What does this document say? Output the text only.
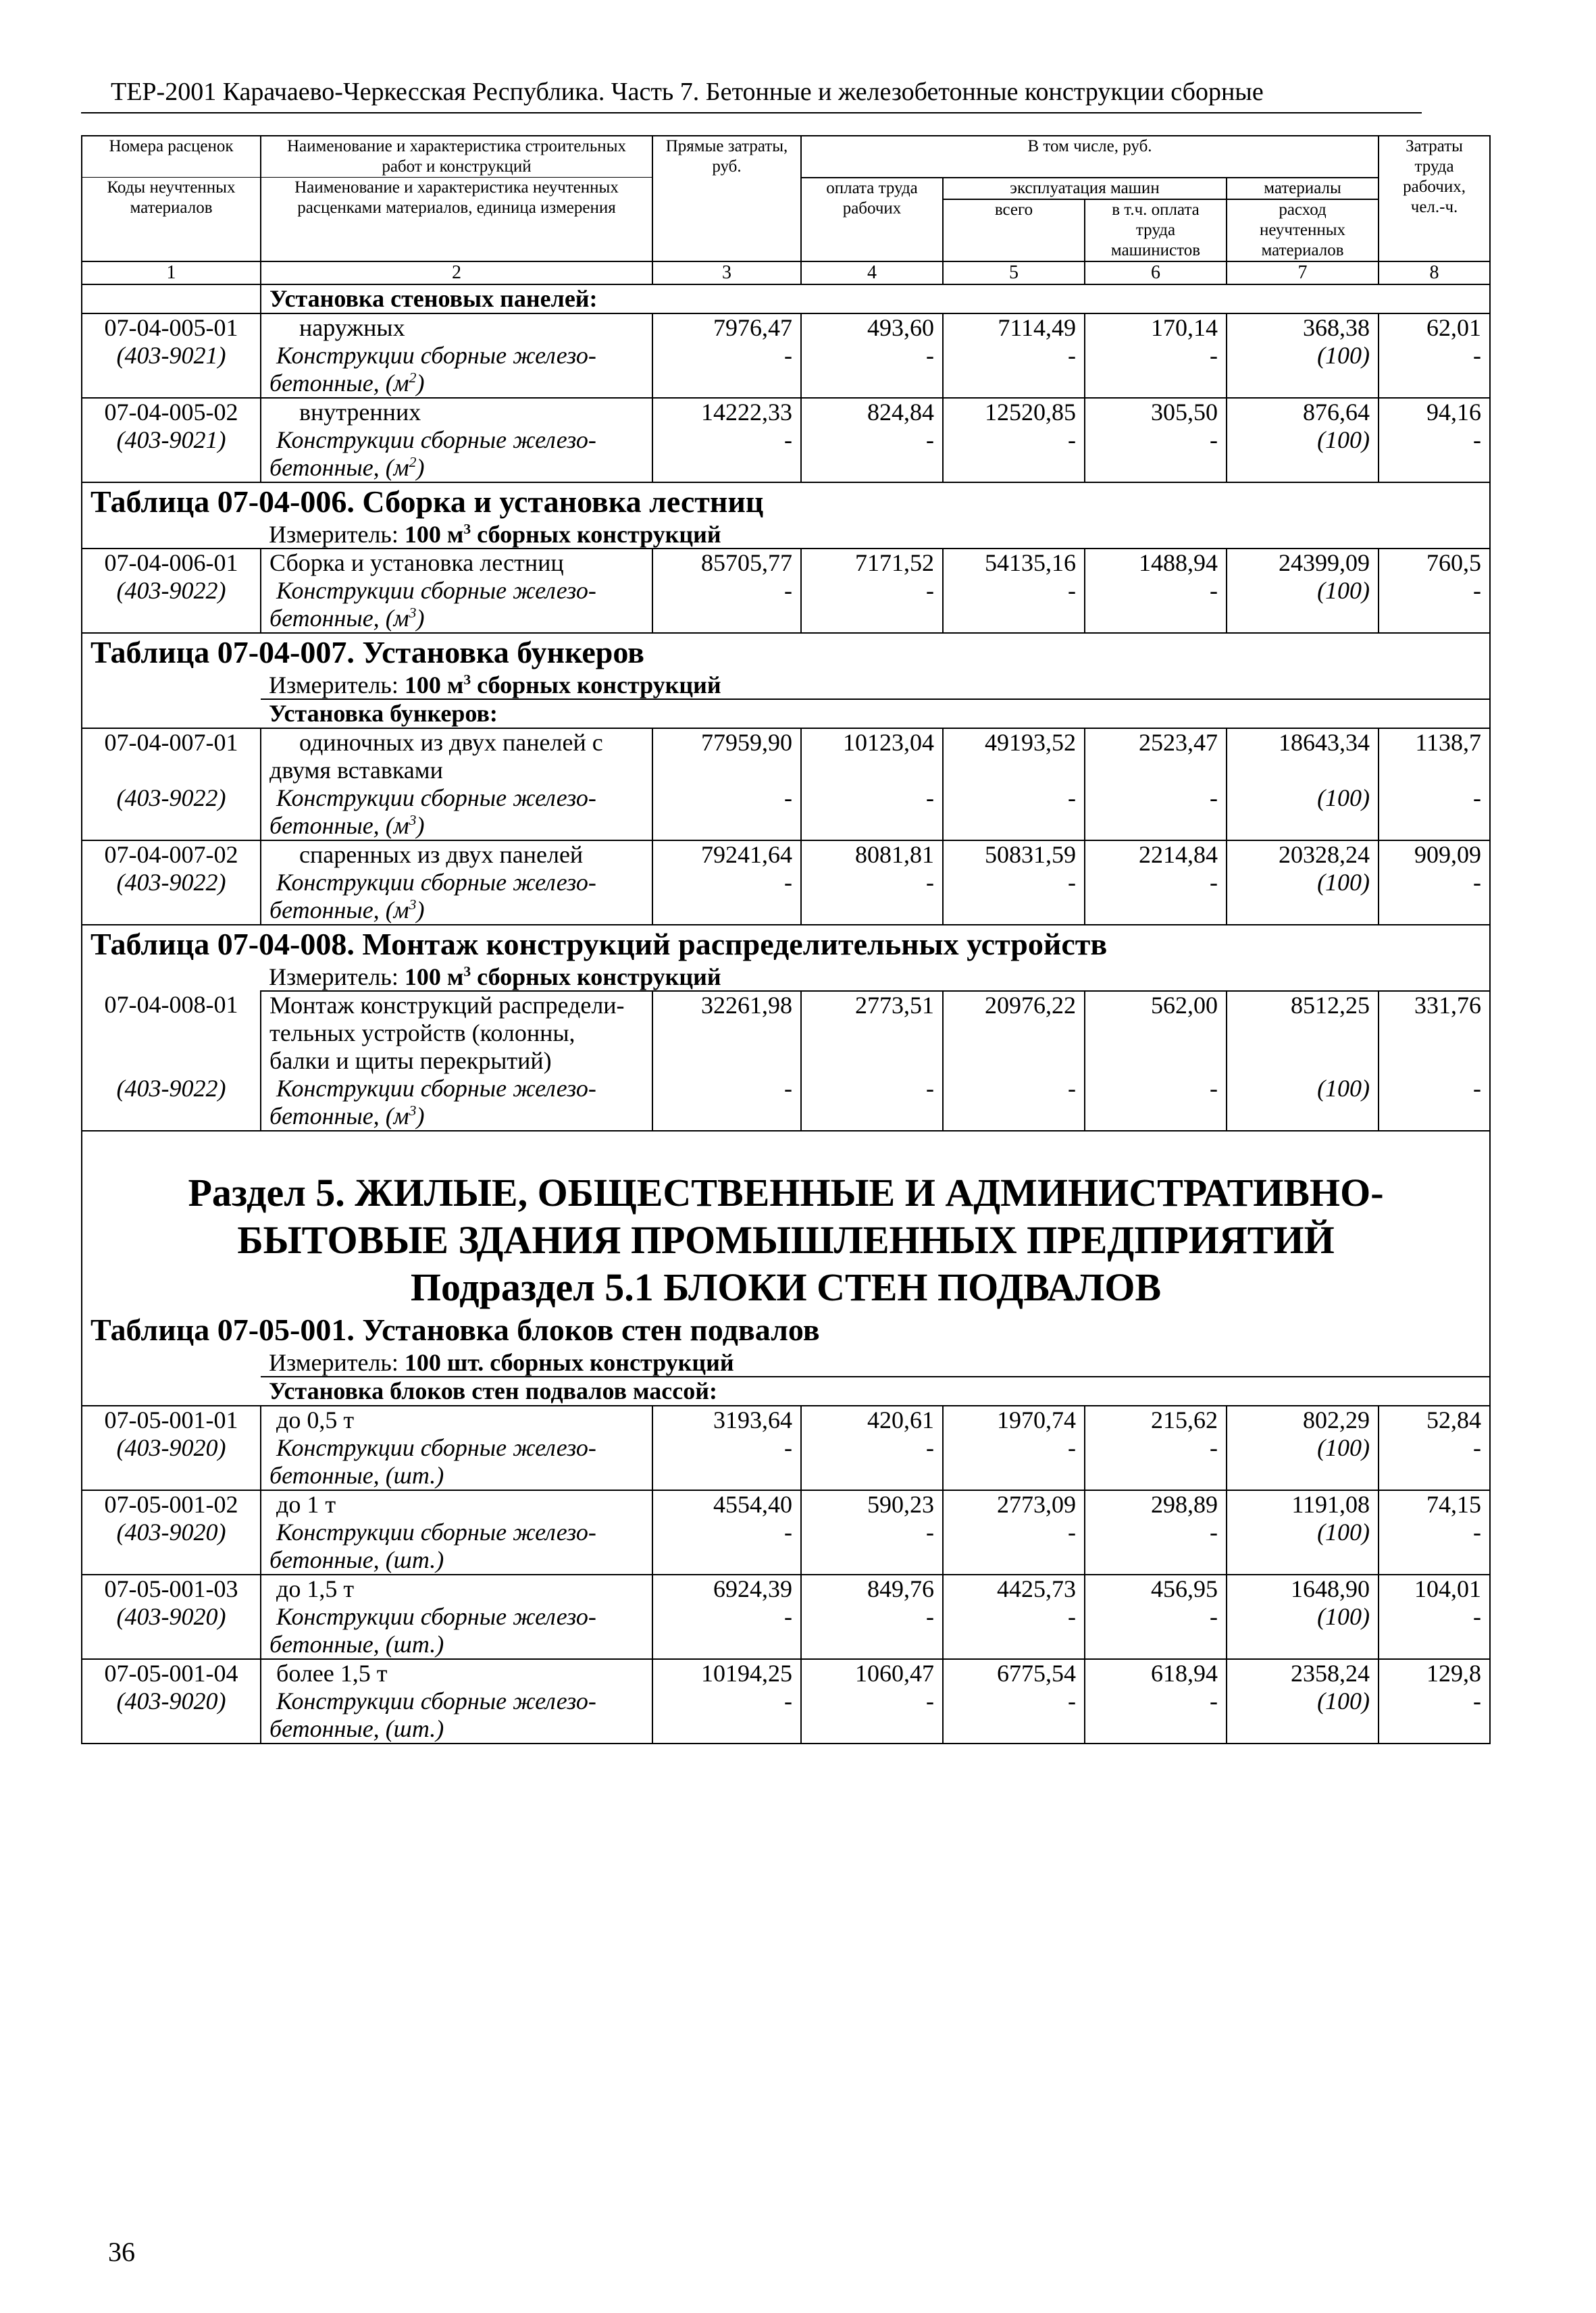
ТЕР-2001 Карачаево-Черкесская Республика. Часть 7. Бетонные и железобетонные конструкции сборные
Номера расценок	Наименование и характеристика строительных работ и конструкций	Прямые затраты, руб.	В том числе, руб.				Затраты труда рабочих, чел.-ч.
Коды неучтенных материалов	Наименование и характеристика неучтенных расценками материалов, единица измерения		оплата труда рабочих	эксплуатация машин		материалы	
				всего	в т.ч. оплата труда машинистов	расход неучтенных материалов	

1	2	3	4	5	6	7	8
	Установка стеновых панелей:						
07-04-005-01	наружных	7976,47	493,60	7114,49	170,14	368,38	62,01
(403-9021)	Конструкции сборные железо-	-	-	-	-	(100)	-
	бетонные, $(м^2)$						
07-04-005-02	внутренних	14222,33	824,84	12520,85	305,50	876,64	94,16
(403-9021)	Конструкции сборные железо-	-	-	-	-	(100)	-
	бетонные, $(м^2)$						
Таблица 07-04-006. Сборка и установка лестниц							
	Измеритель: 100 $м^3$ сборных конструкций						
07-04-006-01	Сборка и установка лестниц	85705,77	7171,52	54135,16	1488,94	24399,09	760,5
(403-9022)	Конструкции сборные железо-	-	-	-	-	(100)	-
	бетонные, $(м^3)$						
Таблица 07-04-007. Установка бункеров							
	Измеритель: 100 $м^3$ сборных конструкций						
	Установка бункеров:						
07-04-007-01	одиночных из двух панелей с	77959,90	10123,04	49193,52	2523,47	18643,34	1138,7
	двумя вставками						
(403-9022)	Конструкции сборные железо-	-	-	-	-	(100)	-
	бетонные, $(м^3)$						
07-04-007-02	спаренных из двух панелей	79241,64	8081,81	50831,59	2214,84	20328,24	909,09
(403-9022)	Конструкции сборные железо-	-	-	-	-	(100)	-
	бетонные, $(м^3)$						
Таблица 07-04-008. Монтаж конструкций распределительных устройств							
	Измеритель: 100 $м^3$ сборных конструкций						
07-04-008-01	Монтаж конструкций распредели-	32261,98	2773,51	20976,22	562,00	8512,25	331,76
	тельных устройств (колонны,						
	балки и щиты перекрытий)						
(403-9022)	Конструкции сборные железо-	-	-	-	-	(100)	-
	бетонные, $(м^3)$						

Раздел 5. ЖИЛЫЕ, ОБЩЕСТВЕННЫЕ И АДМИНИСТРАТИВНО-
БЫТОВЫЕ ЗДАНИЯ ПРОМЫШЛЕННЫХ ПРЕДПРИЯТИЙ							

Подраздел 5.1 БЛОКИ СТЕН ПОДВАЛОВ							
Таблица 07-05-001. Установка блоков стен подвалов							
	Измеритель: 100 шт. сборных конструкций						
	Установка блоков стен подвалов массой:						
07-05-001-01	до 0,5 т	3193,64	420,61	1970,74	215,62	802,29	52,84
(403-9020)	Конструкции сборные железо-	-	-	-	-	(100)	-
	бетонные, (шт.)						
07-05-001-02	до 1 т	4554,40	590,23	2773,09	298,89	1191,08	74,15
(403-9020)	Конструкции сборные железо-	-	-	-	-	(100)	-
	бетонные, (шт.)						
07-05-001-03	до 1,5 т	6924,39	849,76	4425,73	456,95	1648,90	104,01
(403-9020)	Конструкции сборные железо-	-	-	-	-	(100)	-
	бетонные, (шт.)						
07-05-001-04	более 1,5 т	10194,25	1060,47	6775,54	618,94	2358,24	129,8
(403-9020)	Конструкции сборные железо-	-	-	-	-	(100)	-
	бетонные, (шт.)						
36
